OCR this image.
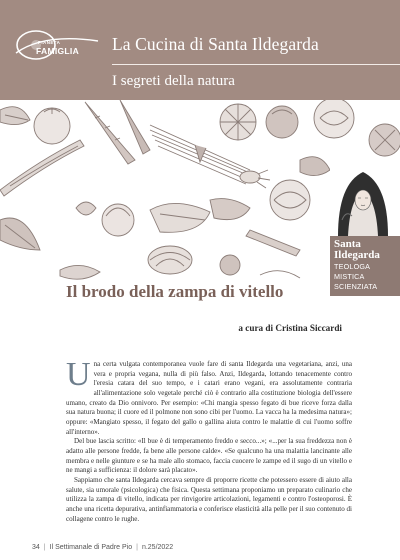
PIANETA
FAMIGLIA La Cucina di Santa Ildegarda
I segreti della natura
Santa
Ildegarda
TEOLOGA
MISTICA
SCIENZIATA
Il brodo della zampa di vitello
a cura di Cristina Siccardi

Una certa vulgata contemporanea vuole fare di santa Ildegarda una vegetariana, anzi, una vera e propria vegana, nulla di più falso. Anzi, Ildegarda, lottando tenacemente contro l'eresia catara del suo tempo, e i catari erano vegani, era assolutamente contraria all'alimentazione solo vegetale perché ciò è contrario alla costituzione biologia dell'essere umano, creato da Dio onnivoro. Per esempio: «Chi mangia spesso fegato di bue riceve forza dalla sua natura buona; il cuore ed il polmone non sono cibi per l'uomo. La vacca ha la medesima natura»; oppure: «Mangiato spesso, il fegato del gallo o gallina aiuta contro le malattie di cui l'uomo soffre all'interno».

Del bue lascia scritto: «Il bue è di temperamento freddo e secco...»; «...per la sua freddezza non è adatto alle persone fredde, fa bene alle persone calde». «Se qualcuno ha una malattia lancinante alle membra e nelle giunture e se ha male allo stomaco, faccia cuocere le zampe ed il sugo di un vitello e ne mangi a sufficienza: il dolore sarà placato».

Sappiamo che santa Ildegarda cercava sempre di proporre ricette che potessero essere di aiuto alla salute, sia umorale (psicologica) che fisica. Questa settimana proponiamo un preparato culinario che utilizza la zampa di vitello, indicata per rinvigorire articolazioni, legamenti e contro l'osteoporosi. È anche una ricetta depurativa, antinfiammatoria e conferisce elasticità alla pelle per il suo contenuto di collagene contro le rughe.

34 | Il Settimanale di Padre Pio | n.25/2022
